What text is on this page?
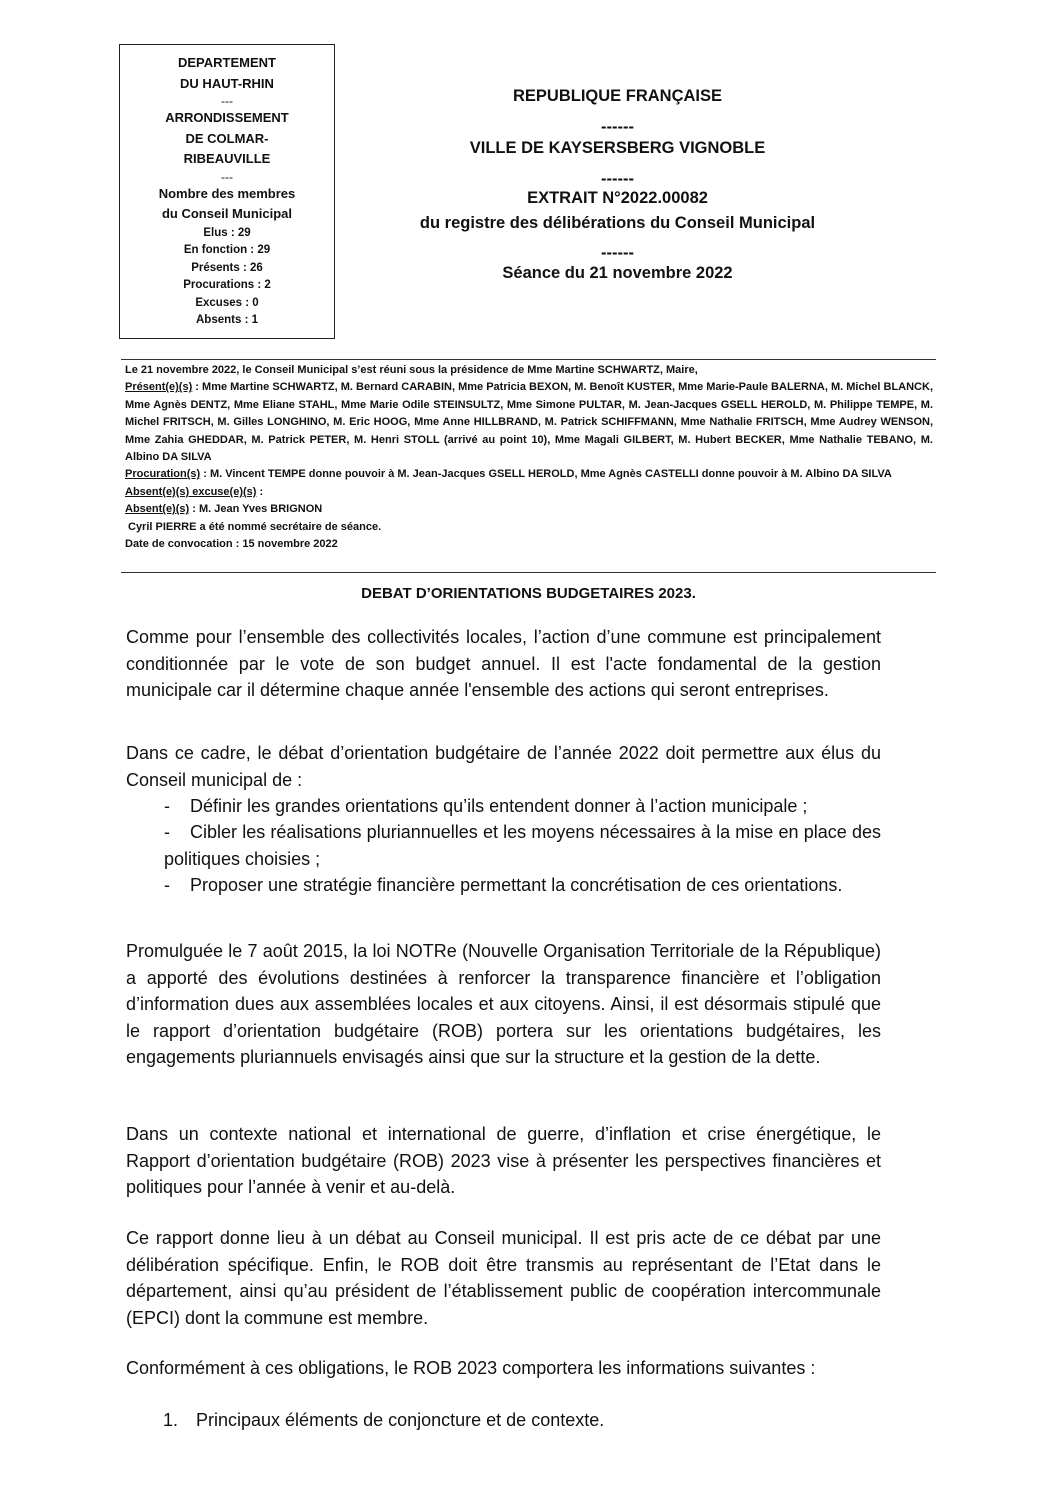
DEPARTEMENT
DU HAUT-RHIN
---
ARRONDISSEMENT
DE COLMAR-
RIBEAUVILLE
---
Nombre des membres
du Conseil Municipal
Elus : 29
En fonction : 29
Présents : 26
Procurations : 2
Excuses : 0
Absents : 1
REPUBLIQUE FRANÇAISE
------
VILLE DE KAYSERSBERG VIGNOBLE
------
EXTRAIT N°2022.00082
du registre des délibérations du Conseil Municipal
------
Séance du 21 novembre 2022
Le 21 novembre 2022, le Conseil Municipal s’est réuni sous la présidence de Mme Martine SCHWARTZ, Maire,
Présent(e)(s) : Mme Martine SCHWARTZ, M. Bernard CARABIN, Mme Patricia BEXON, M. Benoît KUSTER, Mme Marie-Paule BALERNA, M. Michel BLANCK, Mme Agnès DENTZ, Mme Eliane STAHL, Mme Marie Odile STEINSULTZ, Mme Simone PULTAR, M. Jean-Jacques GSELL HEROLD, M. Philippe TEMPE, M. Michel FRITSCH, M. Gilles LONGHINO, M. Eric HOOG, Mme Anne HILLBRAND, M. Patrick SCHIFFMANN, Mme Nathalie FRITSCH, Mme Audrey WENSON, Mme Zahia GHEDDAR, M. Patrick PETER, M. Henri STOLL (arrivé au point 10), Mme Magali GILBERT, M. Hubert BECKER, Mme Nathalie TEBANO, M. Albino DA SILVA
Procuration(s) : M. Vincent TEMPE donne pouvoir à M. Jean-Jacques GSELL HEROLD, Mme Agnès CASTELLI donne pouvoir à M. Albino DA SILVA
Absent(e)(s) excuse(e)(s) :
Absent(e)(s) : M. Jean Yves BRIGNON
Cyril PIERRE a été nommé secrétaire de séance.
Date de convocation : 15 novembre 2022
DEBAT D’ORIENTATIONS BUDGETAIRES 2023.
Comme pour l’ensemble des collectivités locales, l’action d’une commune est principalement conditionnée par le vote de son budget annuel. Il est l'acte fondamental de la gestion municipale car il détermine chaque année l'ensemble des actions qui seront entreprises.
Dans ce cadre, le débat d’orientation budgétaire de l’année 2022 doit permettre aux élus du Conseil municipal de :
- Définir les grandes orientations qu’ils entendent donner à l’action municipale ;
- Cibler les réalisations pluriannuelles et les moyens nécessaires à la mise en place des politiques choisies ;
- Proposer une stratégie financière permettant la concrétisation de ces orientations.
Promulguée le 7 août 2015, la loi NOTRe (Nouvelle Organisation Territoriale de la République) a apporté des évolutions destinées à renforcer la transparence financière et l’obligation d’information dues aux assemblées locales et aux citoyens. Ainsi, il est désormais stipulé que le rapport d’orientation budgétaire (ROB) portera sur les orientations budgétaires, les engagements pluriannuels envisagés ainsi que sur la structure et la gestion de la dette.
Dans un contexte national et international de guerre, d’inflation et crise énergétique, le Rapport d’orientation budgétaire (ROB) 2023 vise à présenter les perspectives financières et politiques pour l’année à venir et au-delà.
Ce rapport donne lieu à un débat au Conseil municipal. Il est pris acte de ce débat par une délibération spécifique. Enfin, le ROB doit être transmis au représentant de l’Etat dans le département, ainsi qu’au président de l’établissement public de coopération intercommunale (EPCI) dont la commune est membre.
Conformément à ces obligations, le ROB 2023 comportera les informations suivantes :
1. Principaux éléments de conjoncture et de contexte.
